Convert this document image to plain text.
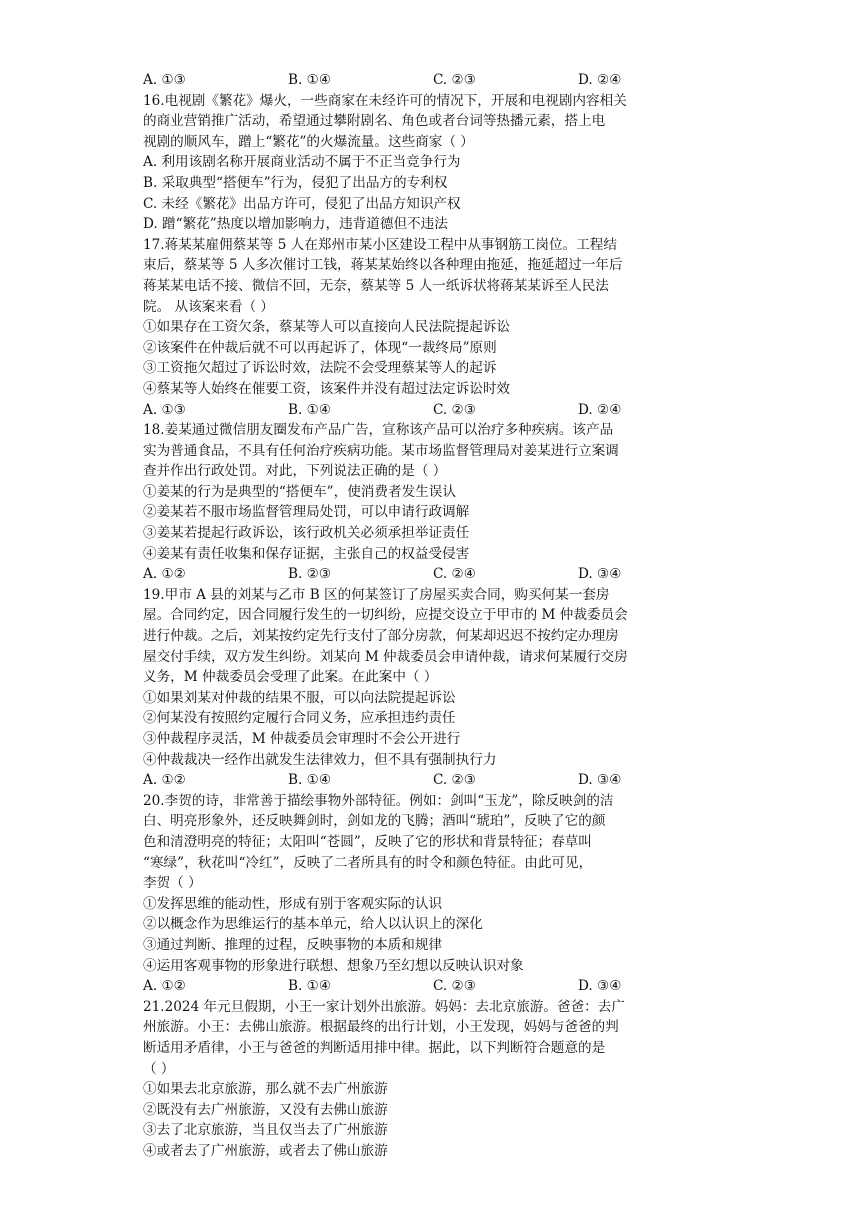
A. ①③	B. ①④	C. ②③	D. ②④
16.电视剧《繁花》爆火，一些商家在未经许可的情况下，开展和电视剧内容相关
的商业营销推广活动，希望通过攀附剧名、角色或者台词等热播元素，搭上电
视剧的顺风车，蹭上“繁花”的火爆流量。这些商家（ ）
A. 利用该剧名称开展商业活动不属于不正当竞争行为
B. 采取典型“搭便车”行为，侵犯了出品方的专利权
C. 未经《繁花》出品方许可，侵犯了出品方知识产权
D. 蹭“繁花”热度以增加影响力，违背道德但不违法
17.蒋某某雇佣蔡某等 5 人在郑州市某小区建设工程中从事钢筋工岗位。工程结
束后，蔡某等 5 人多次催讨工钱，蒋某某始终以各种理由拖延，拖延超过一年后
蒋某某电话不接、微信不回，无奈，蔡某等 5 人一纸诉状将蒋某某诉至人民法
院。 从该案来看（ ）
①如果存在工资欠条，蔡某等人可以直接向人民法院提起诉讼
②该案件在仲裁后就不可以再起诉了，体现“一裁终局”原则
③工资拖欠超过了诉讼时效，法院不会受理蔡某等人的起诉
④蔡某等人始终在催要工资，该案件并没有超过法定诉讼时效
A. ①③	B. ①④	C. ②③	D. ②④
18.姜某通过微信朋友圈发布产品广告，宣称该产品可以治疗多种疾病。该产品
实为普通食品，不具有任何治疗疾病功能。某市场监督管理局对姜某进行立案调
查并作出行政处罚。对此，下列说法正确的是（ ）
①姜某的行为是典型的“搭便车”，使消费者发生误认
②姜某若不服市场监督管理局处罚，可以申请行政调解
③姜某若提起行政诉讼，该行政机关必须承担举证责任
④姜某有责任收集和保存证据，主张自己的权益受侵害
A. ①②	B. ②③	C. ②④	D. ③④
19.甲市 A 县的刘某与乙市 B 区的何某签订了房屋买卖合同，购买何某一套房
屋。合同约定，因合同履行发生的一切纠纷，应提交设立于甲市的 M 仲裁委员会
进行仲裁。之后，刘某按约定先行支付了部分房款，何某却迟迟不按约定办理房
屋交付手续，双方发生纠纷。刘某向 M 仲裁委员会申请仲裁，请求何某履行交房
义务，M 仲裁委员会受理了此案。在此案中（ ）
①如果刘某对仲裁的结果不服，可以向法院提起诉讼
②何某没有按照约定履行合同义务，应承担违约责任
③仲裁程序灵活，M 仲裁委员会审理时不会公开进行
④仲裁裁决一经作出就发生法律效力，但不具有强制执行力
A. ①②	B. ①④	C. ②③	D. ③④
20.李贺的诗，非常善于描绘事物外部特征。例如：剑叫“玉龙”，除反映剑的洁
白、明亮形象外，还反映舞剑时，剑如龙的飞腾；酒叫“琥珀”，反映了它的颜
色和清澄明亮的特征；太阳叫“苍圆”，反映了它的形状和背景特征；春草叫
“寒绿”，秋花叫“冷红”，反映了二者所具有的时令和颜色特征。由此可见，
李贺（ ）
①发挥思维的能动性，形成有别于客观实际的认识
②以概念作为思维运行的基本单元，给人以认识上的深化
③通过判断、推理的过程，反映事物的本质和规律
④运用客观事物的形象进行联想、想象乃至幻想以反映认识对象
A. ①②	B. ①④	C. ②③	D. ③④
21.2024 年元旦假期，小王一家计划外出旅游。妈妈：去北京旅游。爸爸：去广
州旅游。小王：去佛山旅游。根据最终的出行计划，小王发现，妈妈与爸爸的判
断适用矛盾律，小王与爸爸的判断适用排中律。据此，以下判断符合题意的是
（ ）
①如果去北京旅游，那么就不去广州旅游
②既没有去广州旅游，又没有去佛山旅游
③去了北京旅游，当且仅当去了广州旅游
④或者去了广州旅游，或者去了佛山旅游
